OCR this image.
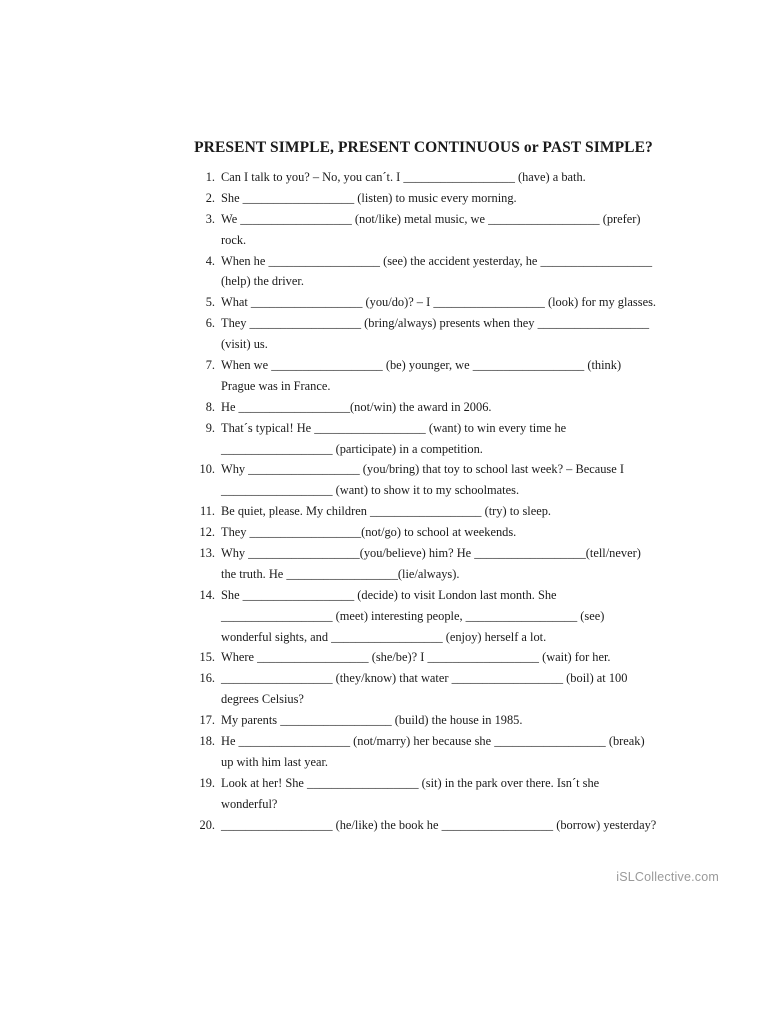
PRESENT SIMPLE, PRESENT CONTINUOUS or PAST SIMPLE?
1. Can I talk to you? – No, you can´t. I __________________ (have) a bath.
2. She __________________ (listen) to music every morning.
3. We __________________ (not/like) metal music, we __________________ (prefer)
rock.
4. When he __________________ (see) the accident yesterday, he __________________
(help) the driver.
5. What __________________ (you/do)? – I __________________ (look) for my glasses.
6. They __________________ (bring/always) presents when they __________________
(visit) us.
7. When we __________________ (be) younger, we __________________ (think)
Prague was in France.
8. He __________________(not/win) the award in 2006.
9. That´s typical! He __________________ (want) to win every time he
__________________ (participate) in a competition.
10. Why __________________ (you/bring) that toy to school last week? – Because I
__________________ (want) to show it to my schoolmates.
11. Be quiet, please. My children __________________ (try) to sleep.
12. They __________________(not/go) to school at weekends.
13. Why __________________(you/believe) him? He __________________(tell/never)
the truth. He __________________(lie/always).
14. She __________________ (decide) to visit London last month. She
__________________ (meet) interesting people, __________________ (see)
wonderful sights, and __________________ (enjoy) herself a lot.
15. Where __________________ (she/be)? I __________________ (wait) for her.
16. __________________ (they/know) that water __________________ (boil) at 100
degrees Celsius?
17. My parents __________________ (build) the house in 1985.
18. He __________________ (not/marry) her because she __________________ (break)
up with him last year.
19. Look at her! She __________________ (sit) in the park over there. Isn´t she
wonderful?
20. __________________ (he/like) the book he __________________ (borrow) yesterday?
iSLCollective.com
